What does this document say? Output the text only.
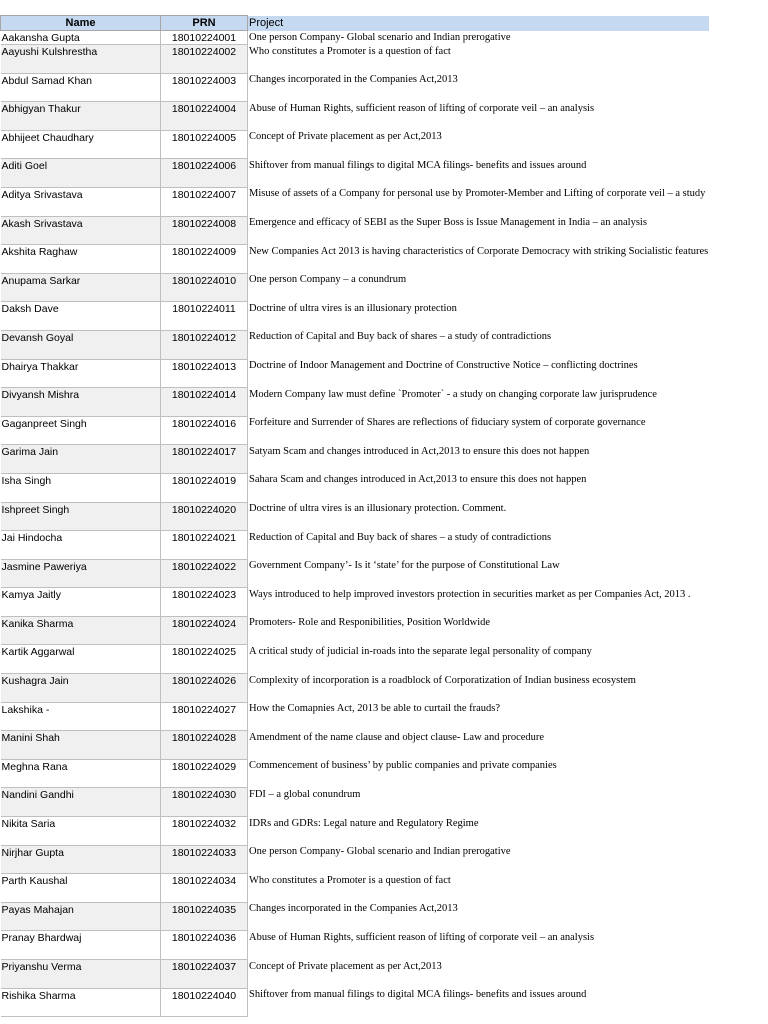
Name	PRN	Project
Aakansha Gupta	18010224001	One person Company- Global scenario and Indian prerogative
Aayushi Kulshrestha	18010224002	Who constitutes a Promoter is a question of fact
Abdul Samad Khan	18010224003	Changes incorporated in the Companies Act,2013
Abhigyan Thakur	18010224004	Abuse of Human Rights, sufficient reason of lifting of corporate veil – an analysis
Abhijeet Chaudhary	18010224005	Concept of Private placement as per Act,2013
Aditi Goel	18010224006	Shiftover from manual filings to digital MCA filings- benefits and issues around
Aditya Srivastava	18010224007	Misuse of assets of a Company for personal use by Promoter-Member and Lifting of corporate veil – a study
Akash Srivastava	18010224008	Emergence and efficacy of SEBI as the Super Boss is Issue Management in India – an analysis
Akshita Raghaw	18010224009	New Companies Act 2013 is having characteristics of Corporate Democracy with striking Socialistic features
Anupama Sarkar	18010224010	One person Company – a conundrum
Daksh Dave	18010224011	Doctrine of ultra vires is an illusionary protection
Devansh Goyal	18010224012	Reduction of Capital and Buy back of shares – a study of contradictions
Dhairya Thakkar	18010224013	Doctrine of Indoor Management and Doctrine of Constructive Notice – conflicting doctrines
Divyansh Mishra	18010224014	Modern Company law must define `Promoter` - a study on changing corporate law jurisprudence
Gaganpreet Singh	18010224016	Forfeiture and Surrender of Shares are reflections of fiduciary system of corporate governance
Garima Jain	18010224017	Satyam Scam and changes introduced in Act,2013 to ensure this does not happen
Isha Singh	18010224019	Sahara Scam and changes introduced in Act,2013 to ensure this does not happen
Ishpreet Singh	18010224020	Doctrine of ultra vires is an illusionary protection. Comment.
Jai Hindocha	18010224021	Reduction of Capital and Buy back of shares – a study of contradictions
Jasmine Paweriya	18010224022	Government Company’- Is it ‘state’ for the purpose of Constitutional Law
Kamya Jaitly	18010224023	Ways introduced to help improved investors protection in securities market as per Companies Act, 2013 .
Kanika Sharma	18010224024	Promoters- Role and Responibilities, Position Worldwide
Kartik Aggarwal	18010224025	A critical study of judicial in-roads into the separate legal personality of company
Kushagra Jain	18010224026	Complexity of incorporation is a roadblock of Corporatization of Indian business ecosystem
Lakshika -	18010224027	How the Comapnies Act, 2013 be able to curtail the frauds?
Manini Shah	18010224028	Amendment of the name clause and object clause- Law and procedure
Meghna Rana	18010224029	Commencement of business’ by public companies and private companies
Nandini Gandhi	18010224030	FDI – a global conundrum
Nikita Saria	18010224032	IDRs and GDRs: Legal nature and Regulatory Regime
Nirjhar Gupta	18010224033	One person Company- Global scenario and Indian prerogative
Parth Kaushal	18010224034	Who constitutes a Promoter is a question of fact
Payas Mahajan	18010224035	Changes incorporated in the Companies Act,2013
Pranay Bhardwaj	18010224036	Abuse of Human Rights, sufficient reason of lifting of corporate veil – an analysis
Priyanshu Verma	18010224037	Concept of Private placement as per Act,2013
Rishika Sharma	18010224040	Shiftover from manual filings to digital MCA filings- benefits and issues around
